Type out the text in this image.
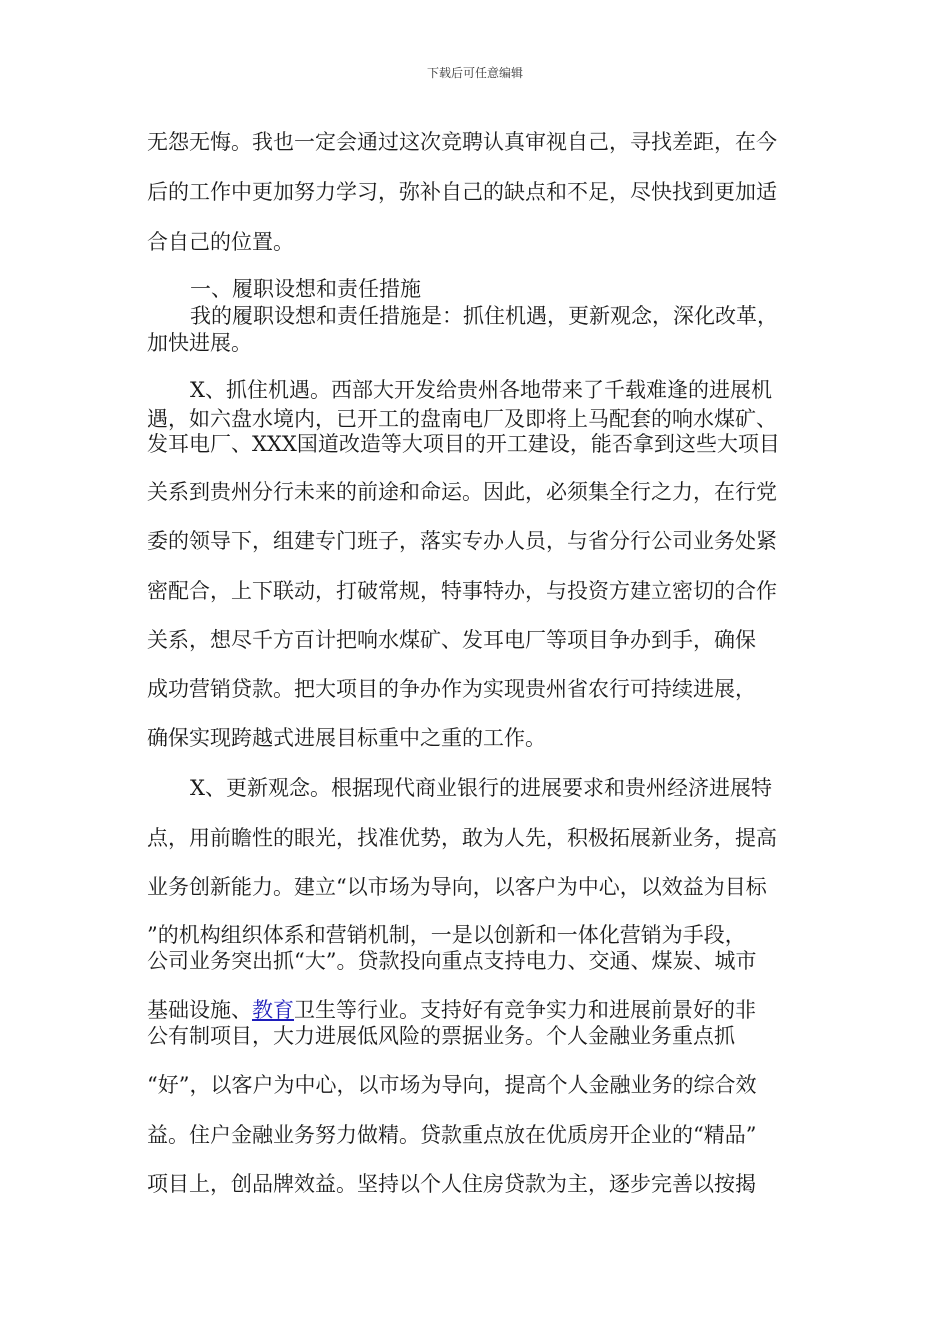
下载后可任意编辑
无怨无悔。我也一定会通过这次竞聘认真审视自己，寻找差距，在今
后的工作中更加努力学习，弥补自己的缺点和不足，尽快找到更加适
合自己的位置。
一、履职设想和责任措施
我的履职设想和责任措施是：抓住机遇，更新观念，深化改革，
加快进展。
X、抓住机遇。西部大开发给贵州各地带来了千载难逢的进展机
遇，如六盘水境内，已开工的盘南电厂及即将上马配套的响水煤矿、
发耳电厂、XXX国道改造等大项目的开工建设，能否拿到这些大项目
关系到贵州分行未来的前途和命运。因此，必须集全行之力，在行党
委的领导下，组建专门班子，落实专办人员，与省分行公司业务处紧
密配合，上下联动，打破常规，特事特办，与投资方建立密切的合作
关系，想尽千方百计把响水煤矿、发耳电厂等项目争办到手，确保
成功营销贷款。把大项目的争办作为实现贵州省农行可持续进展，
确保实现跨越式进展目标重中之重的工作。
X、更新观念。根据现代商业银行的进展要求和贵州经济进展特
点，用前瞻性的眼光，找准优势，敢为人先，积极拓展新业务，提高
业务创新能力。建立“以市场为导向，以客户为中心，以效益为目标
”的机构组织体系和营销机制，一是以创新和一体化营销为手段，
公司业务突出抓“大”。贷款投向重点支持电力、交通、煤炭、城市
基础设施、教育卫生等行业。支持好有竞争实力和进展前景好的非
公有制项目，大力进展低风险的票据业务。个人金融业务重点抓
“好”，以客户为中心，以市场为导向，提高个人金融业务的综合效
益。住户金融业务努力做精。贷款重点放在优质房开企业的“精品”
项目上，创品牌效益。坚持以个人住房贷款为主，逐步完善以按揭
